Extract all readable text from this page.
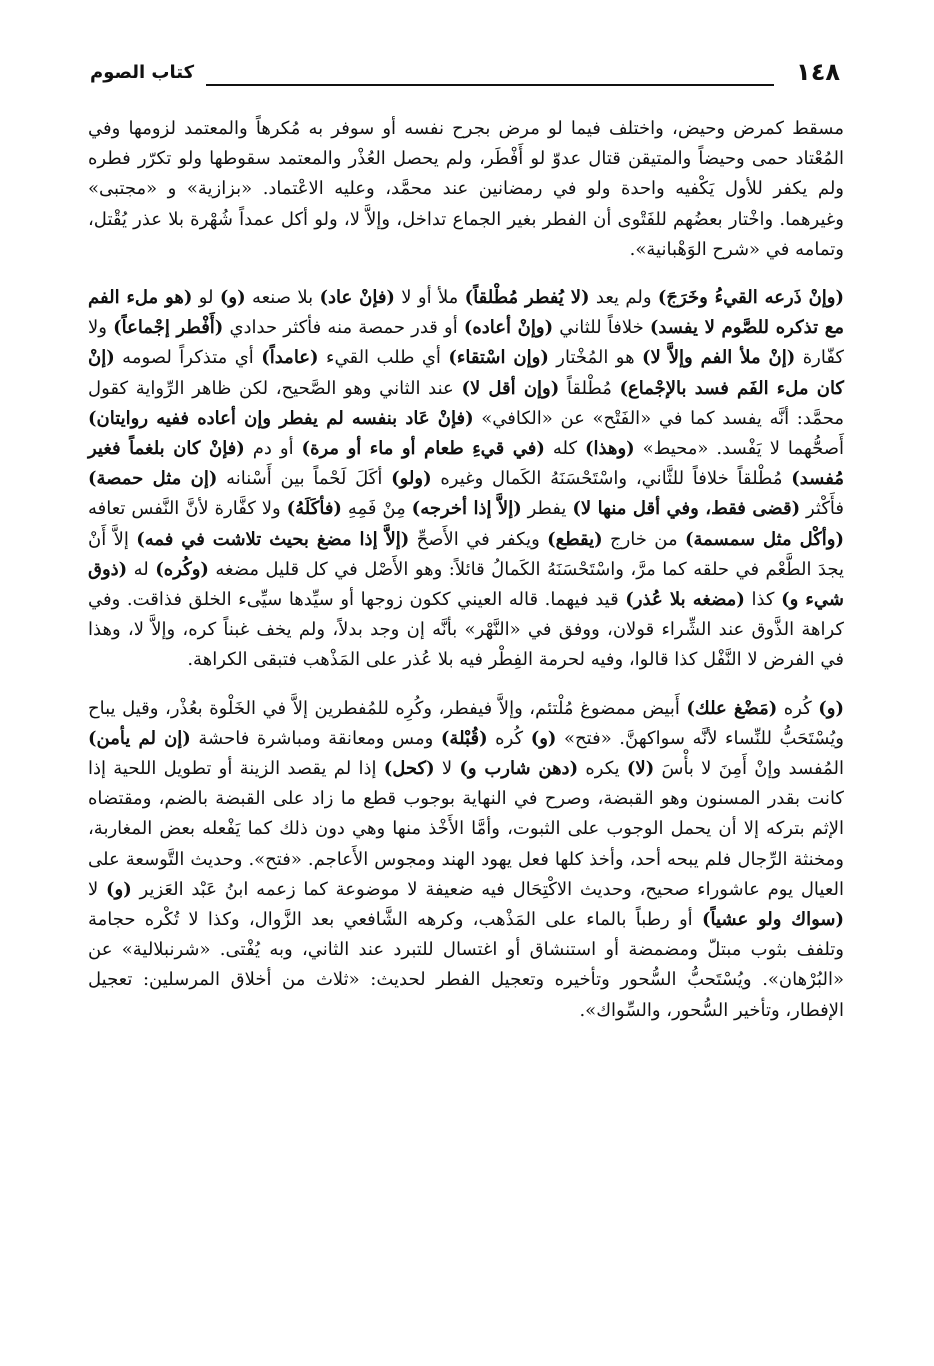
١٤٨
كتاب الصوم

مسقط كمرض وحيض، واختلف فيما لو مرض بجرح نفسه أو سوفر به مُكرهاً والمعتمد لزومها وفي المُعْتاد حمى وحيضاً والمتيقن قتال عدوّ لو أَفْطَر، ولم يحصل العُذْر والمعتمد سقوطها ولو تكرّر فطره ولم يكفر للأول يَكْفيه واحدة ولو في رمضانين عند محمَّد، وعليه الاعْتماد. «بزازية» و «مجتبى» وغيرهما. واخْتار بعضُهم للفَتْوى أن الفطر بغير الجماع تداخل، وإلاَّ لا، ولو أكل عمداً شُهْرة بلا عذر يُقْتل، وتمامه في «شرح الوَهْبانية».

(وإنْ ذَرعه القيءُ وخَرَجَ) ولم يعد (لا يُفطر مُطْلقاً) ملأ أو لا (فإنْ عاد) بلا صنعه (و) لو (هو ملء الفم مع تذكره للصَّوم لا يفسد) خلافاً للثاني (وإنْ أعاده) أو قدر حمصة منه فأكثر حدادي (أَفْطر إجْماعاً) ولا كفّارة (إنْ ملأ الفم وإلاَّ لا) هو المُخْتار (وإن اسْتقاء) أي طلب القيء (عامداً) أي متذكراً لصومه (إنْ كان ملء الفَم فسد بالإجْماع) مُطْلقاً (وإن أقل لا) عند الثاني وهو الصَّحيح، لكن ظاهر الرِّواية كقول محمَّد: أنَّه يفسد كما في «الفَتْح» عن «الكافي» (فإنْ عَاد بنفسه لم يفطر وإن أعاده ففيه روايتان) أَصحُّهما لا يَفْسد. «محيط» (وهذا) كله (في قيءِ طعام أو ماء أو مرة) أو دم (فإنْ كان بلغماً فغير مُفسد) مُطْلقاً خلافاً للثَّاني، واسْتَحْسَنَهُ الكَمال وغيره (ولو) أكَلَ لَحْماً بين أَسْنانه (إن مثل حمصة) فأَكْثر (قضى فقط، وفي أقل منها لا) يفطر (إلاَّ إذا أخرجه) مِنْ فَمِهِ (فأكَلَهُ) ولا كفَّارة لأنَّ النَّفس تعافه (وأكْل مثل سمسمة) من خارج (يقطع) ويكفر في الأَصحِّ (إلاَّ إذا مضغ بحيث تلاشت في فمه) إلاَّ أَنْ يجدَ الطَّعْم في حلقه كما مرَّ، واسْتَحْسَنَهُ الكَمالُ قائلاً: وهو الأَصْل في كل قليل مضغه (وكُره) له (ذوق شيء و) كذا (مضغه بلا عُذر) قيد فيهما. قاله العيني ككون زوجها أو سيِّدها سيِّىء الخلق فذاقت. وفي كراهة الذَّوق عند الشِّراء قولان، ووفق في «النَّهْر» بأنَّه إن وجد بدلاً، ولم يخف غبناً كره، وإلاَّ لا، وهذا في الفرض لا النَّفْل كذا قالوا، وفيه لحرمة الفِطْر فيه بلا عُذر على المَذْهب فتبقى الكراهة.

(و) كُره (مَضْغ علك) أَبيض ممضوغ مُلْتئم، وإلاَّ فيفطر، وكُرِه للمُفطرين إلاَّ في الخَلْوة بعُذْر، وقيل يباح ويُسْتَحَبُّ للنِّساء لأنَّه سواكهنَّ. «فتح» (و) كُره (قُبْلة) ومس ومعانقة ومباشرة فاحشة (إن لم يأمن) المُفسد وإنْ أَمِنَ لا بأْسَ (لا) يكره (دهن شارب و) لا (كحل) إذا لم يقصد الزينة أو تطويل اللحية إذا كانت بقدر المسنون وهو القبضة، وصرح في النهاية بوجوب قطع ما زاد على القبضة بالضم، ومقتضاه الإثم بتركه إلا أن يحمل الوجوب على الثبوت، وأمَّا الأَخْذ منها وهي دون ذلك كما يَفْعله بعض المغاربة، ومخنثة الرِّجال فلم يبحه أحد، وأخذ كلها فعل يهود الهند ومجوس الأَعاجم. «فتح». وحديث التَّوسعة على العيال يوم عاشوراء صحيح، وحديث الاكْتِحَال فيه ضعيفة لا موضوعة كما زعمه ابنُ عَبْد العَزير (و) لا (سواك ولو عشياً) أو رطباً بالماء على المَذْهب، وكرهه الشَّافعي بعد الزَّوال، وكذا لا تُكْره حجامة وتلفف بثوب مبتلّ ومضمضة أو استنشاق أو اغتسال للتبرد عند الثاني، وبه يُفْتى. «شرنبلالية» عن «البُرْهان». ويُسْتَحبُّ السُّحور وتأخيره وتعجيل الفطر لحديث: «ثلاث من أخلاق المرسلين: تعجيل الإفطار، وتأخير السُّحور، والسِّواك».
